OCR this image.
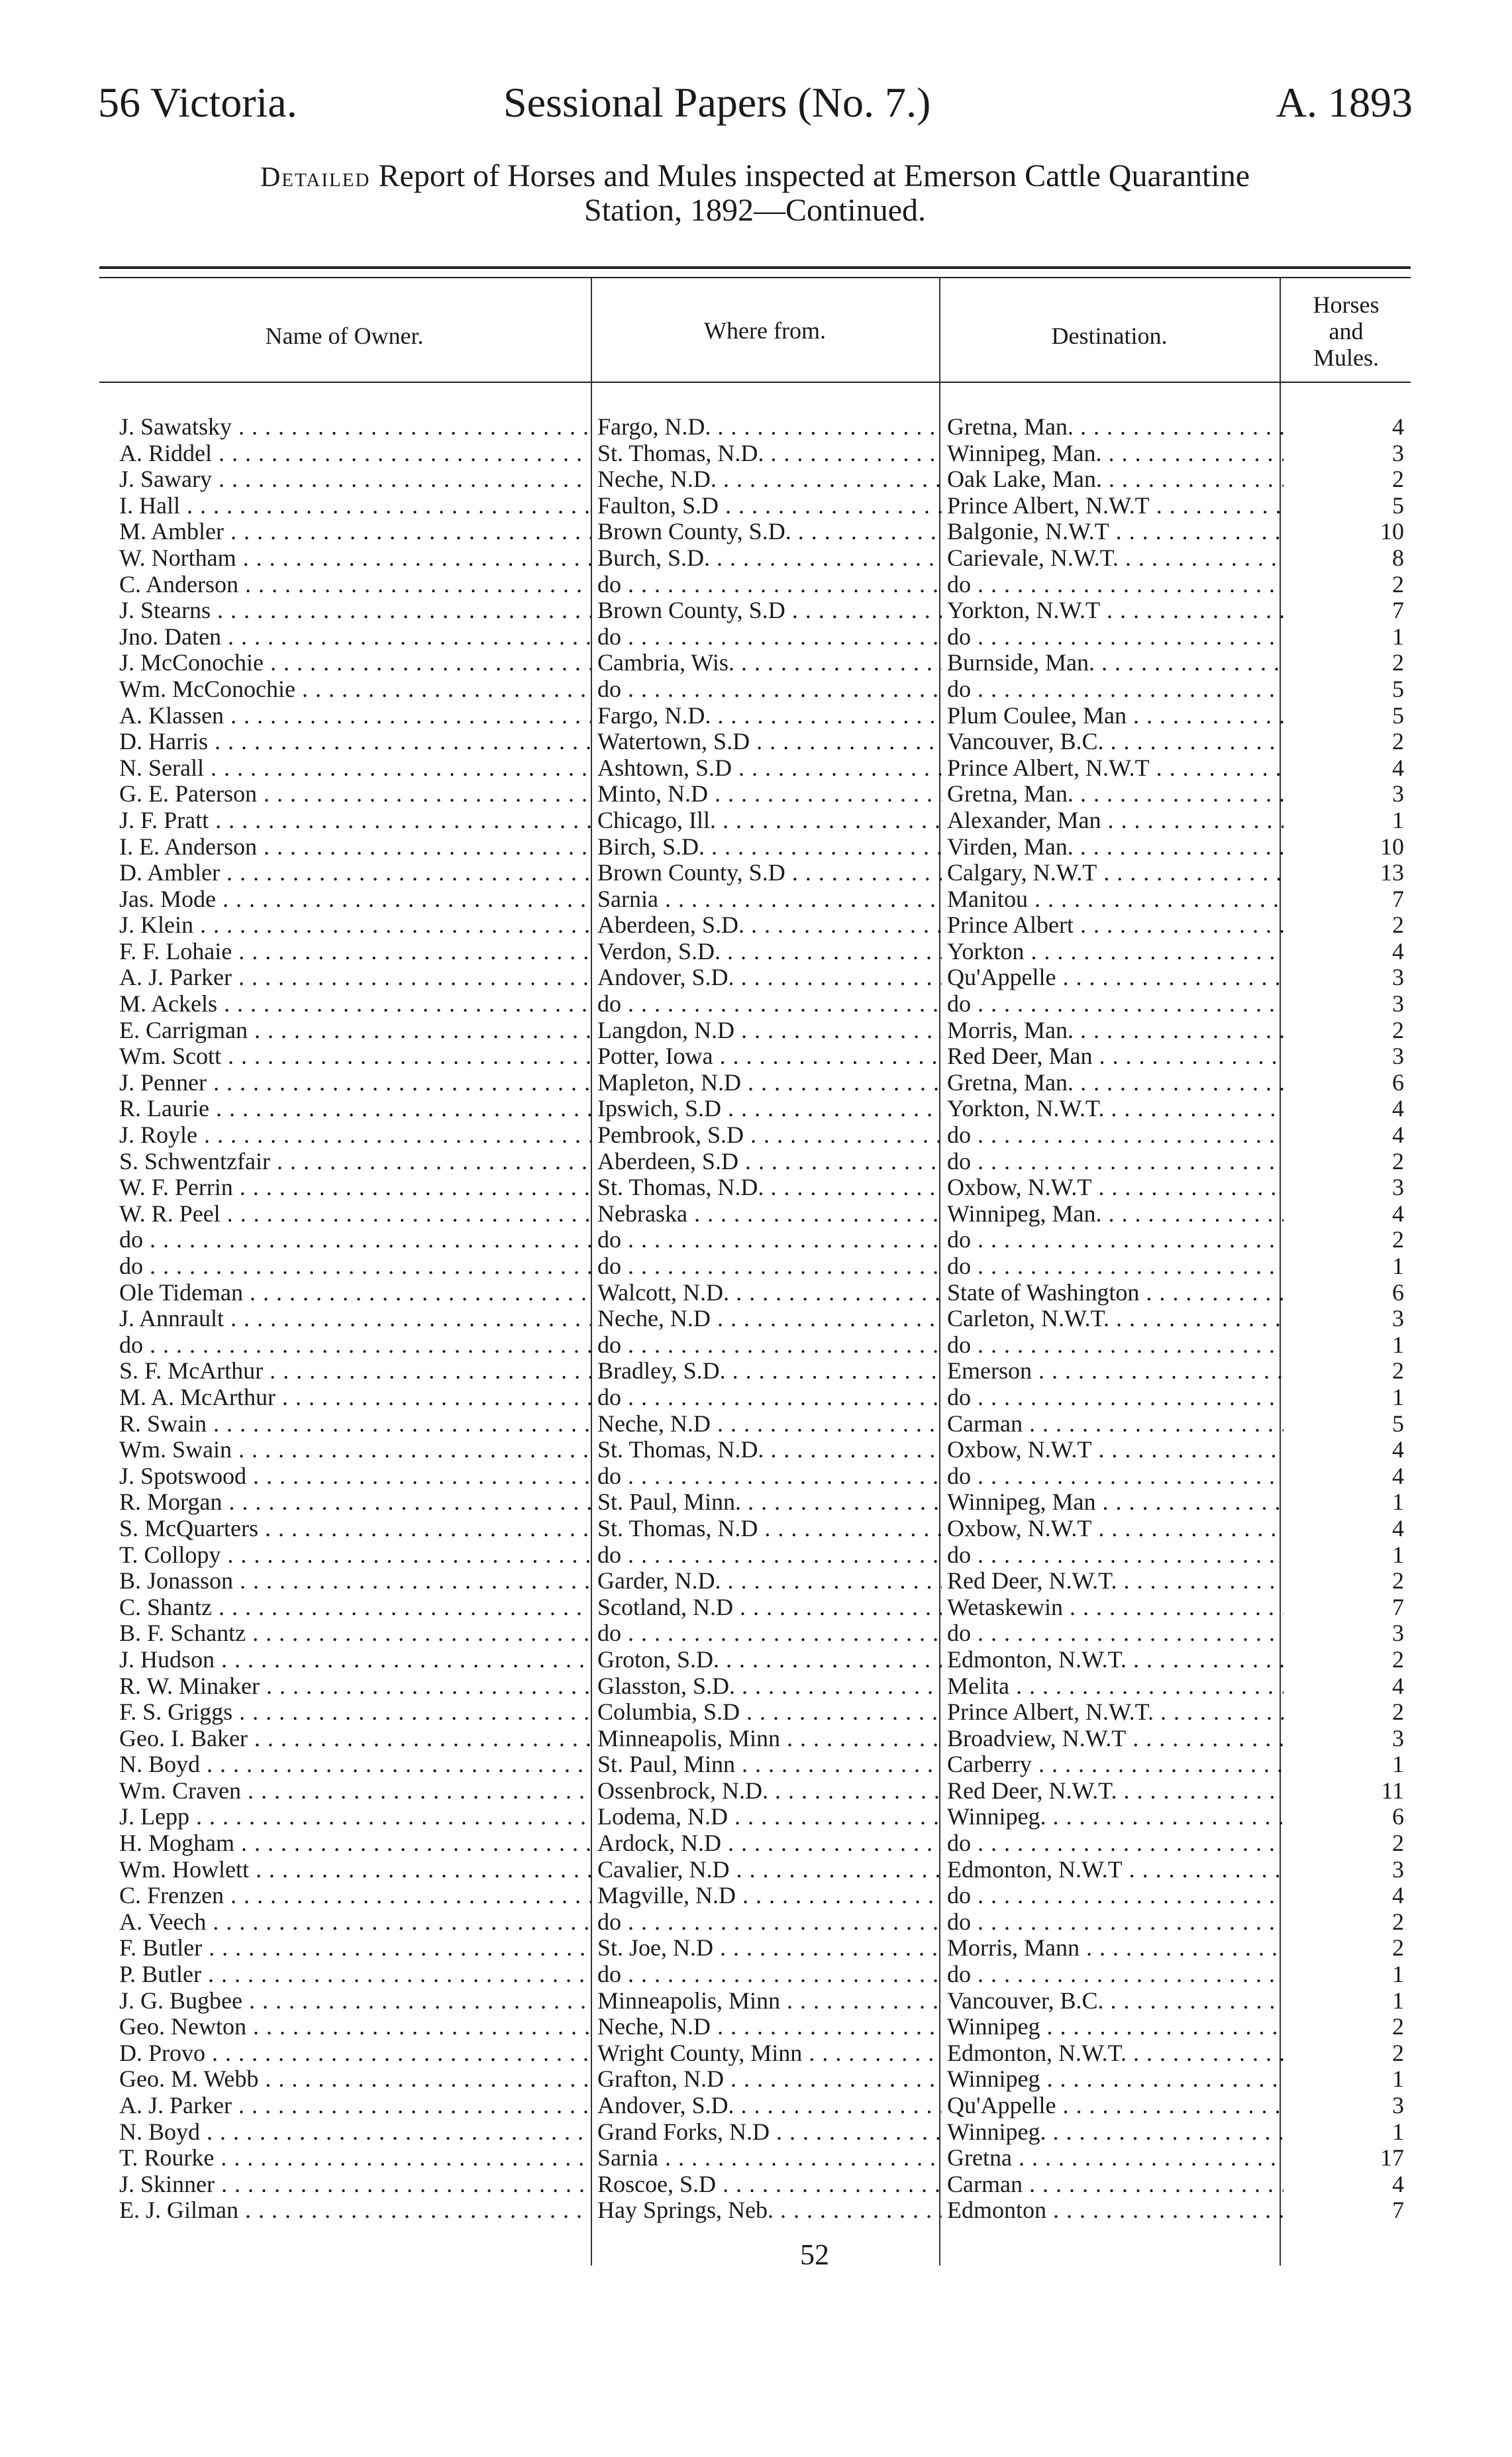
56 Victoria.	Sessional Papers (No. 7.)	A. 1893
Detailed Report of Horses and Mules inspected at Emerson Cattle Quarantine
Station, 1892—Continued.
Name of Owner.	Where from.	Destination.
Horses
and
Mules.
J. Sawatsky . . .	Fargo, N.D. . . .	Gretna, Man. . . .	4
A. Riddel . . .	St. Thomas, N.D. . . .	Winnipeg, Man. . . .	3
J. Sawary . . .	Neche, N.D. . . .	Oak Lake, Man. . . .	2
I. Hall . . .	Faulton, S.D . . .	Prince Albert, N.W.T . . .	5
M. Ambler . . .	Brown County, S.D. . . .	Balgonie, N.W.T . . .	10
W. Northam . . .	Burch, S.D. . . .	Carievale, N.W.T. . . .	8
C. Anderson . . .	do . . .	do . . .	2
J. Stearns . . .	Brown County, S.D . . .	Yorkton, N.W.T . . .	7
Jno. Daten . . .	do . . .	do . . .	1
J. McConochie . . .	Cambria, Wis. . . .	Burnside, Man. . . .	2
Wm. McConochie . . .	do . . .	do . . .	5
A. Klassen . . .	Fargo, N.D. . . .	Plum Coulee, Man . . .	5
D. Harris . . .	Watertown, S.D . . .	Vancouver, B.C. . . .	2
N. Serall . . .	Ashtown, S.D . . .	Prince Albert, N.W.T . . .	4
G. E. Paterson . . .	Minto, N.D . . .	Gretna, Man. . . .	3
J. F. Pratt . . .	Chicago, Ill. . . .	Alexander, Man . . .	1
I. E. Anderson . . .	Birch, S.D. . . .	Virden, Man. . . .	10
D. Ambler . . .	Brown County, S.D . . .	Calgary, N.W.T . . .	13
Jas. Mode . . .	Sarnia . . .	Manitou . . .	7
J. Klein . . .	Aberdeen, S.D. . . .	Prince Albert . . .	2
F. F. Lohaie . . .	Verdon, S.D. . . .	Yorkton . . .	4
A. J. Parker . . .	Andover, S.D. . . .	Qu'Appelle . . .	3
M. Ackels . . .	do . . .	do . . .	3
E. Carrigman . . .	Langdon, N.D . . .	Morris, Man. . . .	2
Wm. Scott . . .	Potter, Iowa . . .	Red Deer, Man . . .	3
J. Penner . . .	Mapleton, N.D . . .	Gretna, Man. . . .	6
R. Laurie . . .	Ipswich, S.D . . .	Yorkton, N.W.T. . . .	4
J. Royle . . .	Pembrook, S.D . . .	do . . .	4
S. Schwentzfair . . .	Aberdeen, S.D . . .	do . . .	2
W. F. Perrin . . .	St. Thomas, N.D. . . .	Oxbow, N.W.T . . .	3
W. R. Peel . . .	Nebraska . . .	Winnipeg, Man. . . .	4
do . . .	do . . .	do . . .	2
do . . .	do . . .	do . . .	1
Ole Tideman . . .	Walcott, N.D. . . .	State of Washington . . .	6
J. Annrault . . .	Neche, N.D . . .	Carleton, N.W.T. . . .	3
do . . .	do . . .	do . . .	1
S. F. McArthur . . .	Bradley, S.D. . . .	Emerson . . .	2
M. A. McArthur . . .	do . . .	do . . .	1
R. Swain . . .	Neche, N.D . . .	Carman . . .	5
Wm. Swain . . .	St. Thomas, N.D. . . .	Oxbow, N.W.T . . .	4
J. Spotswood . . .	do . . .	do . . .	4
R. Morgan . . .	St. Paul, Minn. . . .	Winnipeg, Man . . .	1
S. McQuarters . . .	St. Thomas, N.D . . .	Oxbow, N.W.T . . .	4
T. Collopy . . .	do . . .	do . . .	1
B. Jonasson . . .	Garder, N.D. . . .	Red Deer, N.W.T. . . .	2
C. Shantz . . .	Scotland, N.D . . .	Wetaskewin . . .	7
B. F. Schantz . . .	do . . .	do . . .	3
J. Hudson . . .	Groton, S.D. . . .	Edmonton, N.W.T. . . .	2
R. W. Minaker . . .	Glasston, S.D. . . .	Melita . . .	4
F. S. Griggs . . .	Columbia, S.D . . .	Prince Albert, N.W.T. . . .	2
Geo. I. Baker . . .	Minneapolis, Minn . . .	Broadview, N.W.T . . .	3
N. Boyd . . .	St. Paul, Minn . . .	Carberry . . .	1
Wm. Craven . . .	Ossenbrock, N.D. . . .	Red Deer, N.W.T. . . .	11
J. Lepp . . .	Lodema, N.D . . .	Winnipeg. . . .	6
H. Mogham . . .	Ardock, N.D . . .	do . . .	2
Wm. Howlett . . .	Cavalier, N.D . . .	Edmonton, N.W.T . . .	3
C. Frenzen . . .	Magville, N.D . . .	do . . .	4
A. Veech . . .	do . . .	do . . .	2
F. Butler . . .	St. Joe, N.D . . .	Morris, Mann . . .	2
P. Butler . . .	do . . .	do . . .	1
J. G. Bugbee . . .	Minneapolis, Minn . . .	Vancouver, B.C. . . .	1
Geo. Newton . . .	Neche, N.D . . .	Winnipeg . . .	2
D. Provo . . .	Wright County, Minn . . .	Edmonton, N.W.T. . . .	2
Geo. M. Webb . . .	Grafton, N.D . . .	Winnipeg . . .	1
A. J. Parker . . .	Andover, S.D. . . .	Qu'Appelle . . .	3
N. Boyd . . .	Grand Forks, N.D . . .	Winnipeg. . . .	1
T. Rourke . . .	Sarnia . . .	Gretna . . .	17
J. Skinner . . .	Roscoe, S.D . . .	Carman . . .	4
E. J. Gilman . . .	Hay Springs, Neb. . . .	Edmonton . . .	7
52
